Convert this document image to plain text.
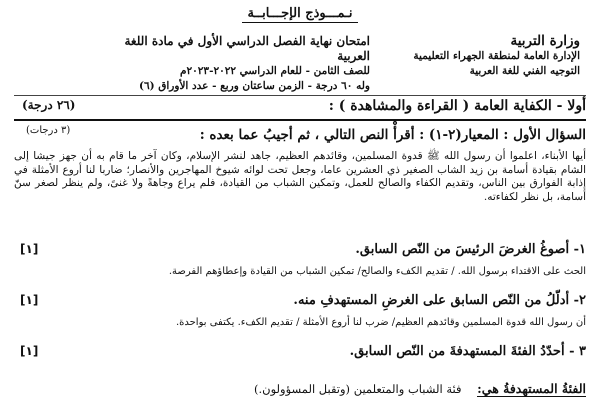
نـمـــوذج الإجـــابــة
وزارة التربية
الإدارة العامة لمنطقة الجهراء التعليمية
التوجيه الفني للغة العربية
امتحان نهاية الفصل الدراسي الأول في مادة اللغة العربية
للصف الثامن - للعام الدراسي ٢٠٢٢-٢٠٢٣م
وله ٦٠ درجة - الزمن ساعتان وربع - عدد الأوراق (٦)
أولا - الكفاية العامة ( القراءة والمشاهدة ) :
(٢٦ درجة)
السؤال الأول : المعيار(٢-١) : أقرأْ النص التالي ، ثم أجيبُ عما بعده :
(٣ درجات)
أيها الأبناء، اعلموا أن رسول الله ﷺ قدوة المسلمين، وقائدهم العظيم، جاهد لنشر الإسلام، وكان آخر ما قام به أن جهز جيشا إلى الشام بقيادة أسامة بن زيد الشاب الصغير ذي العشرين عاما، وجعل تحت لوائه شيوخ المهاجرين والأنصار؛ ضاربا لنا أروع الأمثلة في إذابة الفوارق بين الناس، وتقديم الكفاء والصالح للعمل، وتمكين الشباب من القيادة، فلم يراع وجاهةً ولا غنىً، ولم ينظر لصغر سنّ أسامة، بل نظر لكفاءته.
١- أصوغُ الغرضَ الرئيسَ من النّص السابق.
[١]
الحث على الاقتداء برسول الله. / تقديم الكفء والصالح/ تمكين الشباب من القيادة وإعطاؤهم الفرصة.
٢- أدلّلُ من النّص السابق على الغرضِ المستهدفِ منه.
[١]
أن رسول الله قدوة المسلمين وقائدهم العظيم/ ضرب لنا أروع الأمثلة / تقديم الكفء. يكتفى بواحدة.
٣ - أحدّدُ الفئةَ المستهدفةَ من النّص السابق.
[١]
الفئةُ المستهدفةُ هي: فئة الشباب والمتعلمين (وتقبل المسؤولون.)
